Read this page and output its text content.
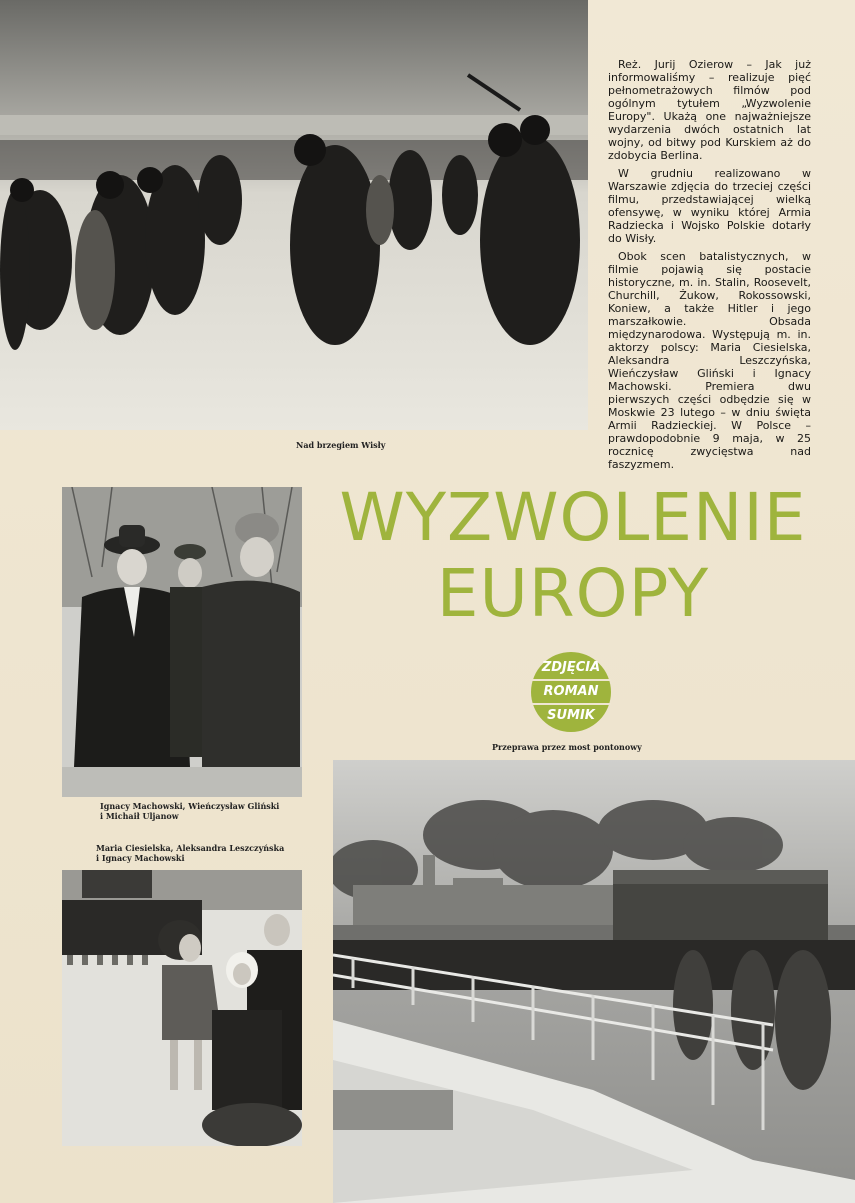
Nad brzegiem Wisły

Reż. Jurij Ozierow – Jak już informowaliśmy – realizuje pięć pełnometrażowych filmów pod ogólnym tytułem „Wyzwolenie Europy". Ukażą one najważniejsze wydarzenia dwóch ostatnich lat wojny, od bitwy pod Kurskiem aż do zdobycia Berlina.

W grudniu realizowano w Warszawie zdjęcia do trzeciej części filmu, przedstawiającej wielką ofensywę, w wyniku której Armia Radziecka i Wojsko Polskie dotarły do Wisły.

Obok scen batalistycznych, w filmie pojawią się postacie historyczne, m. in. Stalin, Roosevelt, Churchill, Żukow, Rokossowski, Koniew, a także Hitler i jego marszałkowie. Obsada międzynarodowa. Występują m. in. aktorzy polscy: Maria Ciesielska, Aleksandra Leszczyńska, Wieńczysław Gliński i Ignacy Machowski. Premiera dwu pierwszych części odbędzie się w Moskwie 23 lutego – w dniu święta Armii Radzieckiej. W Polsce – prawdopodobnie 9 maja, w 25 rocznicę zwycięstwa nad faszyzmem.

WYZWOLENIE
EUROPY
ZDJĘCIA
ROMAN
SUMIK
Ignacy Machowski, Wieńczysław Gliński i Michaił Uljanow
Maria Ciesielska, Aleksandra Leszczyńska i Ignacy Machowski
Przeprawa przez most pontonowy
